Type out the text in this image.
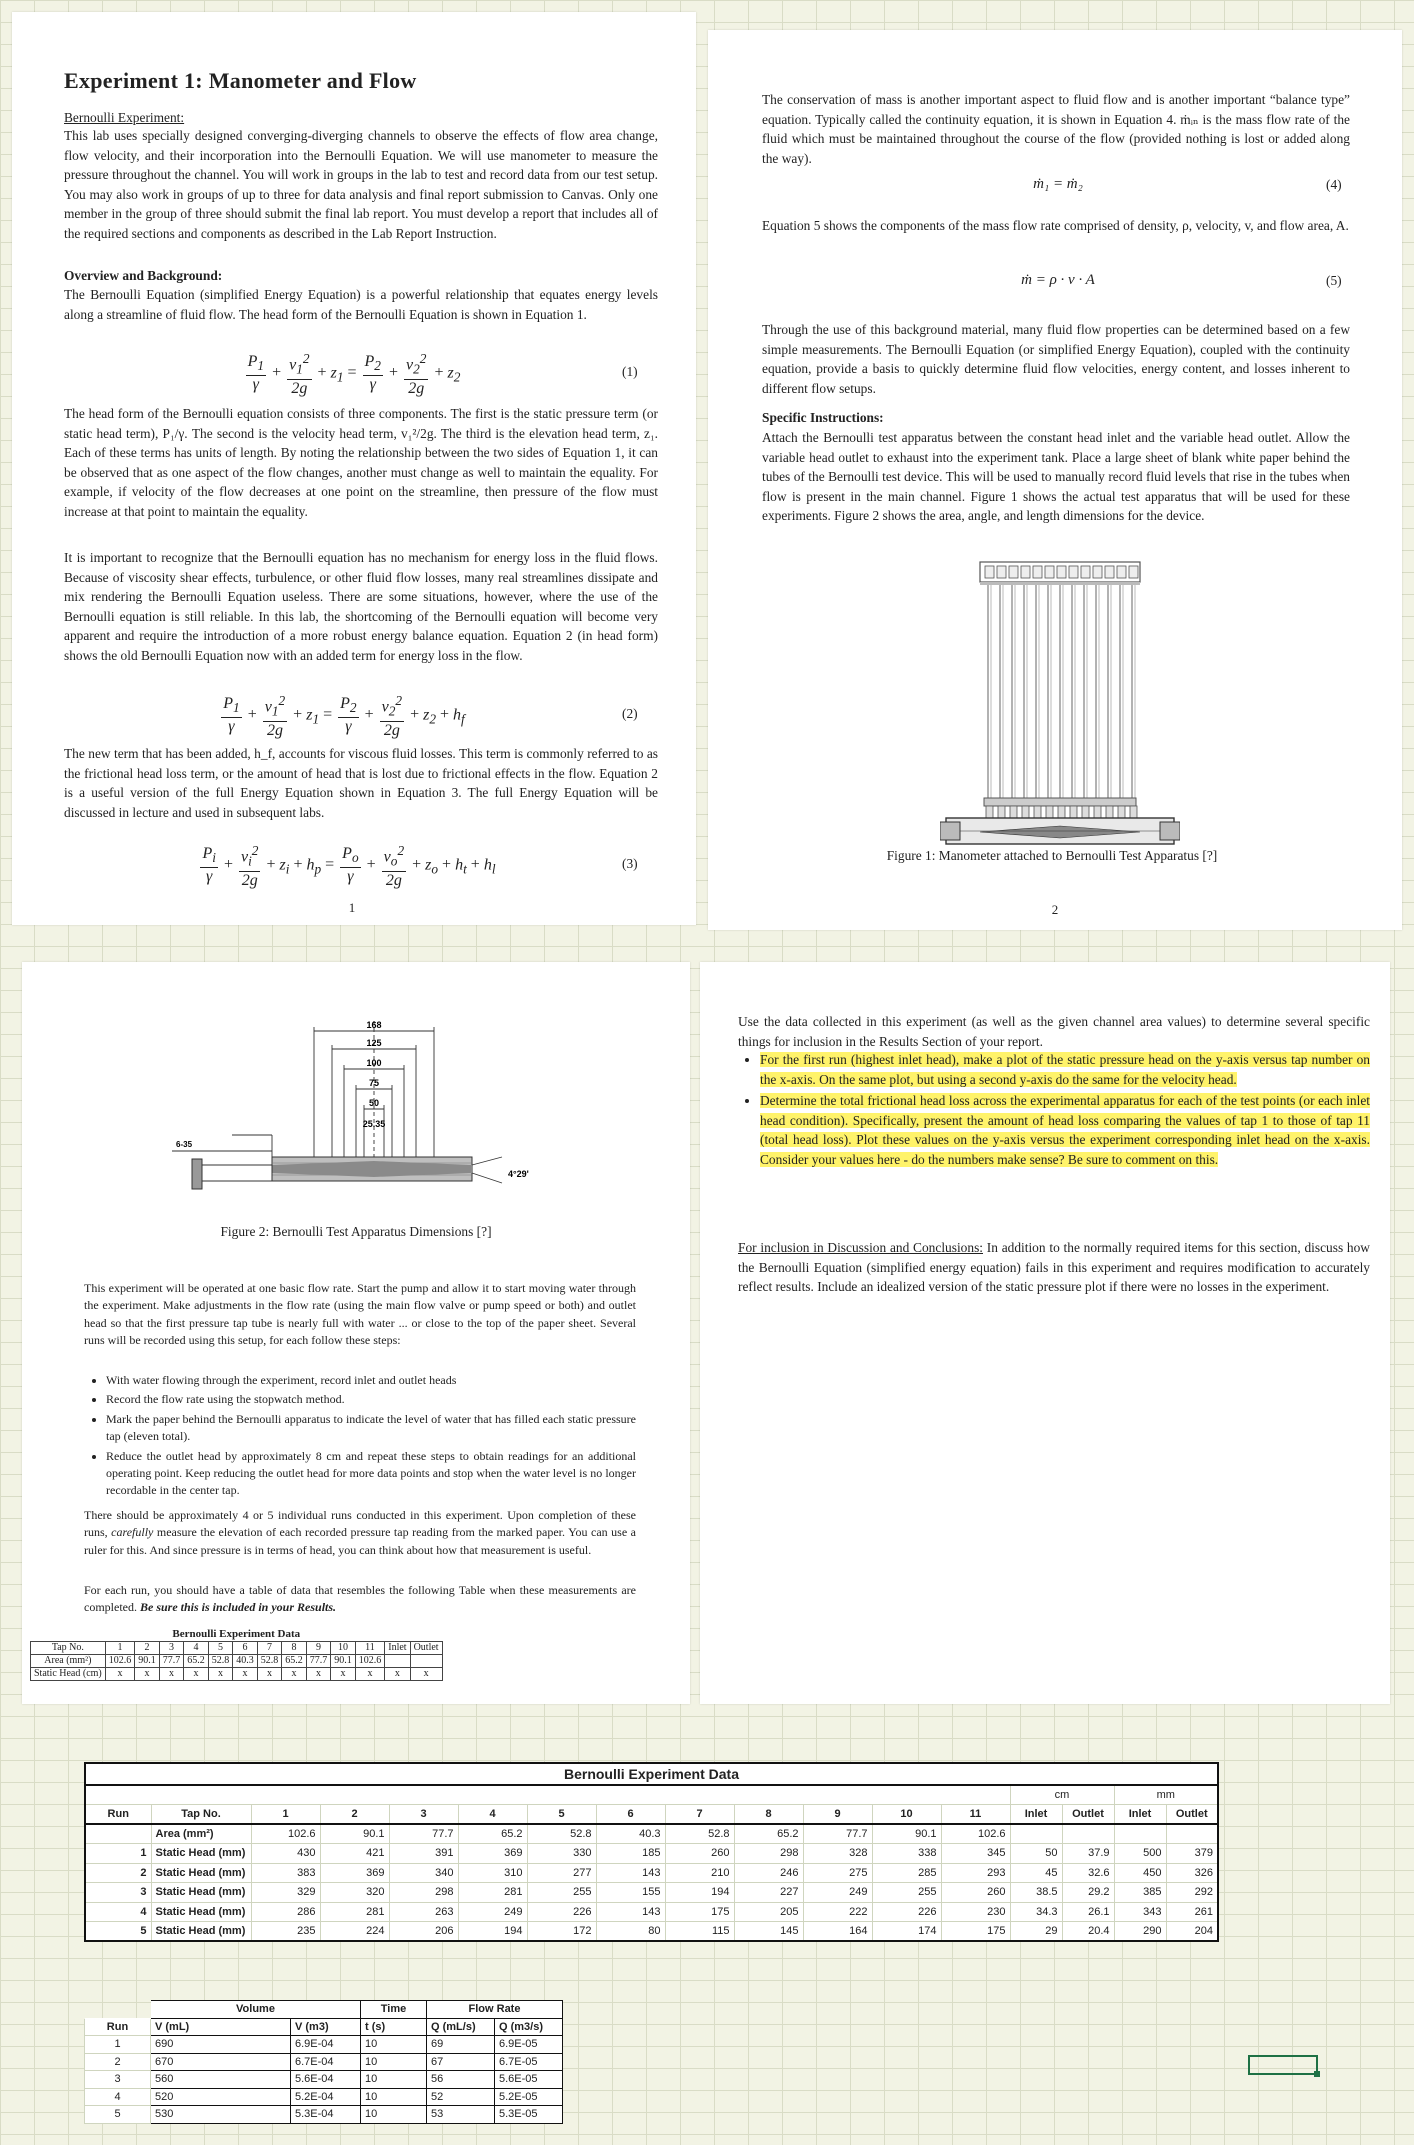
Experiment 1: Manometer and Flow
Bernoulli Experiment:
This lab uses specially designed converging-diverging channels to observe the effects of flow area change, flow velocity, and their incorporation into the Bernoulli Equation. We will use manometer to measure the pressure throughout the channel. You will work in groups in the lab to test and record data from our test setup. You may also work in groups of up to three for data analysis and final report submission to Canvas. Only one member in the group of three should submit the final lab report. You must develop a report that includes all of the required sections and components as described in the Lab Report Instruction.
Overview and Background:
The Bernoulli Equation (simplified Energy Equation) is a powerful relationship that equates energy levels along a streamline of fluid flow. The head form of the Bernoulli Equation is shown in Equation 1.
$\frac{P_1}{\gamma} + \frac{v_1^2}{2g} + z_1 = \frac{P_2}{\gamma} + \frac{v_2^2}{2g} + z_2$	(1)
The head form of the Bernoulli equation consists of three components. The first is the static pressure term (or static head term), P₁/γ. The second is the velocity head term, v₁²/2g. The third is the elevation head term, z₁. Each of these terms has units of length. By noting the relationship between the two sides of Equation 1, it can be observed that as one aspect of the flow changes, another must change as well to maintain the equality. For example, if velocity of the flow decreases at one point on the streamline, then pressure of the flow must increase at that point to maintain the equality.
It is important to recognize that the Bernoulli equation has no mechanism for energy loss in the fluid flows. Because of viscosity shear effects, turbulence, or other fluid flow losses, many real streamlines dissipate and mix rendering the Bernoulli Equation useless. There are some situations, however, where the use of the Bernoulli equation is still reliable. In this lab, the shortcoming of the Bernoulli equation will become very apparent and require the introduction of a more robust energy balance equation. Equation 2 (in head form) shows the old Bernoulli Equation now with an added term for energy loss in the flow.
$\frac{P_1}{\gamma} + \frac{v_1^2}{2g} + z_1 = \frac{P_2}{\gamma} + \frac{v_2^2}{2g} + z_2 + h_f$	(2)
The new term that has been added, h_f, accounts for viscous fluid losses. This term is commonly referred to as the frictional head loss term, or the amount of head that is lost due to frictional effects in the flow. Equation 2 is a useful version of the full Energy Equation shown in Equation 3. The full Energy Equation will be discussed in lecture and used in subsequent labs.
$\frac{P_i}{\gamma} + \frac{v_i^2}{2g} + z_i + h_p = \frac{P_o}{\gamma} + \frac{v_o^2}{2g} + z_o + h_t + h_l$	(3)
1
The conservation of mass is another important aspect to fluid flow and is another important “balance type” equation. Typically called the continuity equation, it is shown in Equation 4. ṁᵢₙ is the mass flow rate of the fluid which must be maintained throughout the course of the flow (provided nothing is lost or added along the way).
ṁ₁ = ṁ₂	(4)
Equation 5 shows the components of the mass flow rate comprised of density, ρ, velocity, v, and flow area, A.
ṁ = ρ · v · A	(5)
Through the use of this background material, many fluid flow properties can be determined based on a few simple measurements. The Bernoulli Equation (or simplified Energy Equation), coupled with the continuity equation, provide a basis to quickly determine fluid flow velocities, energy content, and losses inherent to different flow setups.
Specific Instructions:
Attach the Bernoulli test apparatus between the constant head inlet and the variable head outlet. Allow the variable head outlet to exhaust into the experiment tank. Place a large sheet of blank white paper behind the tubes of the Bernoulli test device. This will be used to manually record fluid levels that rise in the tubes when flow is present in the main channel. Figure 1 shows the actual test apparatus that will be used for these experiments. Figure 2 shows the area, angle, and length dimensions for the device.
Figure 1: Manometer attached to Bernoulli Test Apparatus [?]
2
168
125
100
75
50
25.35
6-35
4°29'
Figure 2: Bernoulli Test Apparatus Dimensions [?]
This experiment will be operated at one basic flow rate. Start the pump and allow it to start moving water through the experiment. Make adjustments in the flow rate (using the main flow valve or pump speed or both) and outlet head so that the first pressure tap tube is nearly full with water ... or close to the top of the paper sheet. Several runs will be recorded using this setup, for each follow these steps:
• With water flowing through the experiment, record inlet and outlet heads
• Record the flow rate using the stopwatch method.
• Mark the paper behind the Bernoulli apparatus to indicate the level of water that has filled each static pressure tap (eleven total).
• Reduce the outlet head by approximately 8 cm and repeat these steps to obtain readings for an additional operating point. Keep reducing the outlet head for more data points and stop when the water level is no longer recordable in the center tap.
There should be approximately 4 or 5 individual runs conducted in this experiment. Upon completion of these runs, carefully measure the elevation of each recorded pressure tap reading from the marked paper. You can use a ruler for this. And since pressure is in terms of head, you can think about how that measurement is useful.
For each run, you should have a table of data that resembles the following Table when these measurements are completed. Be sure this is included in your Results.
Bernoulli Experiment Data													
Tap No.	1	2	3	4	5	6	7	8	9	10	11	Inlet	Outlet
Area (mm²)	102.6	90.1	77.7	65.2	52.8	40.3	52.8	65.2	77.7	90.1	102.6		
Static Head (cm)	x	x	x	x	x	x	x	x	x	x	x	x	x
Use the data collected in this experiment (as well as the given channel area values) to determine several specific things for inclusion in the Results Section of your report.
• For the first run (highest inlet head), make a plot of the static pressure head on the y-axis versus tap number on the x-axis. On the same plot, but using a second y-axis do the same for the velocity head.
• Determine the total frictional head loss across the experimental apparatus for each of the test points (or each inlet head condition). Specifically, present the amount of head loss comparing the values of tap 1 to those of tap 11 (total head loss). Plot these values on the y-axis versus the experiment corresponding inlet head on the x-axis. Consider your values here - do the numbers make sense? Be sure to comment on this.
For inclusion in Discussion and Conclusions: In addition to the normally required items for this section, discuss how the Bernoulli Equation (simplified energy equation) fails in this experiment and requires modification to accurately reflect results. Include an idealized version of the static pressure plot if there were no losses in the experiment.
Bernoulli Experiment Data																
													cm		mm	
Run	Tap No.	1	2	3	4	5	6	7	8	9	10	11	Inlet	Outlet	Inlet	Outlet
	Area (mm²)	102.6	90.1	77.7	65.2	52.8	40.3	52.8	65.2	77.7	90.1	102.6				
1	Static Head (mm)	430	421	391	369	330	185	260	298	328	338	345	50	37.9	500	379
2	Static Head (mm)	383	369	340	310	277	143	210	246	275	285	293	45	32.6	450	326
3	Static Head (mm)	329	320	298	281	255	155	194	227	249	255	260	38.5	29.2	385	292
4	Static Head (mm)	286	281	263	249	226	143	175	205	222	226	230	34.3	26.1	343	261
5	Static Head (mm)	235	224	206	194	172	80	115	145	164	174	175	29	20.4	290	204
	Volume		Time	Flow Rate	
Run	V (mL)	V (m3)	t (s)	Q (mL/s)	Q (m3/s)
1	690	6.9E-04	10	69	6.9E-05
2	670	6.7E-04	10	67	6.7E-05
3	560	5.6E-04	10	56	5.6E-05
4	520	5.2E-04	10	52	5.2E-05
5	530	5.3E-04	10	53	5.3E-05
